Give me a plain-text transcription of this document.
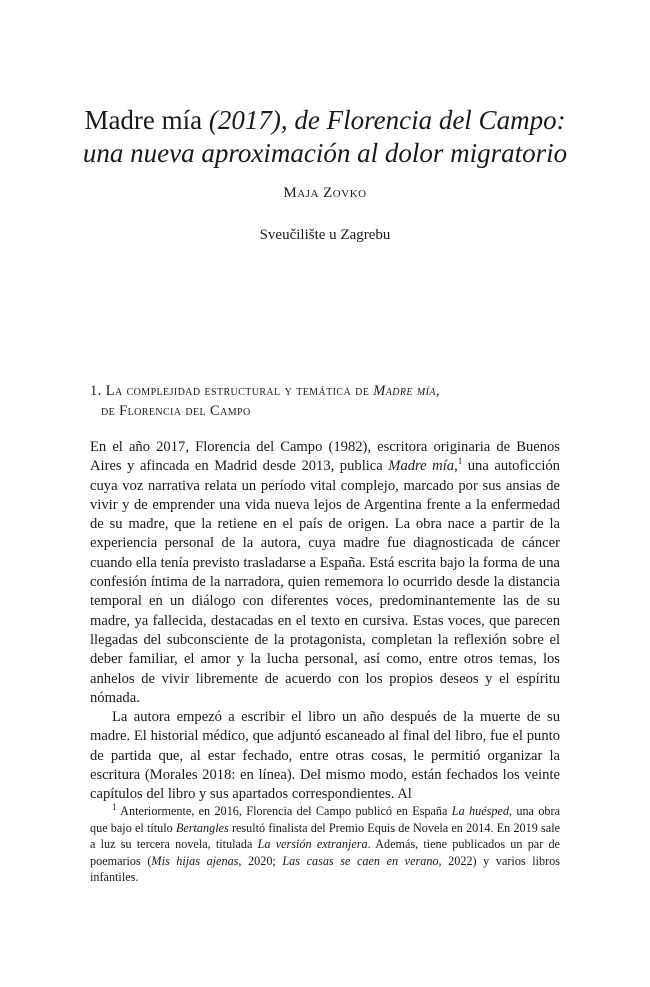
Madre mía (2017), de Florencia del Campo:
una nueva aproximación al dolor migratorio
Maja Zovko
Sveučilište u Zagrebu
1. La complejidad estructural y temática de Madre mía,
de Florencia del Campo

En el año 2017, Florencia del Campo (1982), escritora originaria de Buenos Aires y afincada en Madrid desde 2013, publica Madre mía,$^1$ una autoficción cuya voz narrativa relata un período vital complejo, marcado por sus ansias de vivir y de emprender una vida nueva lejos de Argentina frente a la enfermedad de su madre, que la retiene en el país de origen. La obra nace a partir de la experiencia personal de la autora, cuya madre fue diagnosticada de cáncer cuando ella tenía previsto trasladarse a España. Está escrita bajo la forma de una confesión íntima de la narradora, quien rememora lo ocurrido desde la distancia temporal en un diálogo con diferentes voces, predominantemente las de su madre, ya fallecida, destacadas en el texto en cursiva. Estas voces, que parecen llegadas del subconsciente de la protagonista, completan la reflexión sobre el deber familiar, el amor y la lucha personal, así como, entre otros temas, los anhelos de vivir libremente de acuerdo con los propios deseos y el espíritu nómada.

La autora empezó a escribir el libro un año después de la muerte de su madre. El historial médico, que adjuntó escaneado al final del libro, fue el punto de partida que, al estar fechado, entre otras cosas, le permitió organizar la escritura (Morales 2018: en línea). Del mismo modo, están fechados los veinte capítulos del libro y sus apartados correspondientes. Al

$^1$ Anteriormente, en 2016, Florencia del Campo publicó en España La huésped, una obra que bajo el título Bertangles resultó finalista del Premio Equis de Novela en 2014. En 2019 sale a luz su tercera novela, titulada La versión extranjera. Además, tiene publicados un par de poemarios (Mis hijas ajenas, 2020; Las casas se caen en verano, 2022) y varios libros infantiles.
